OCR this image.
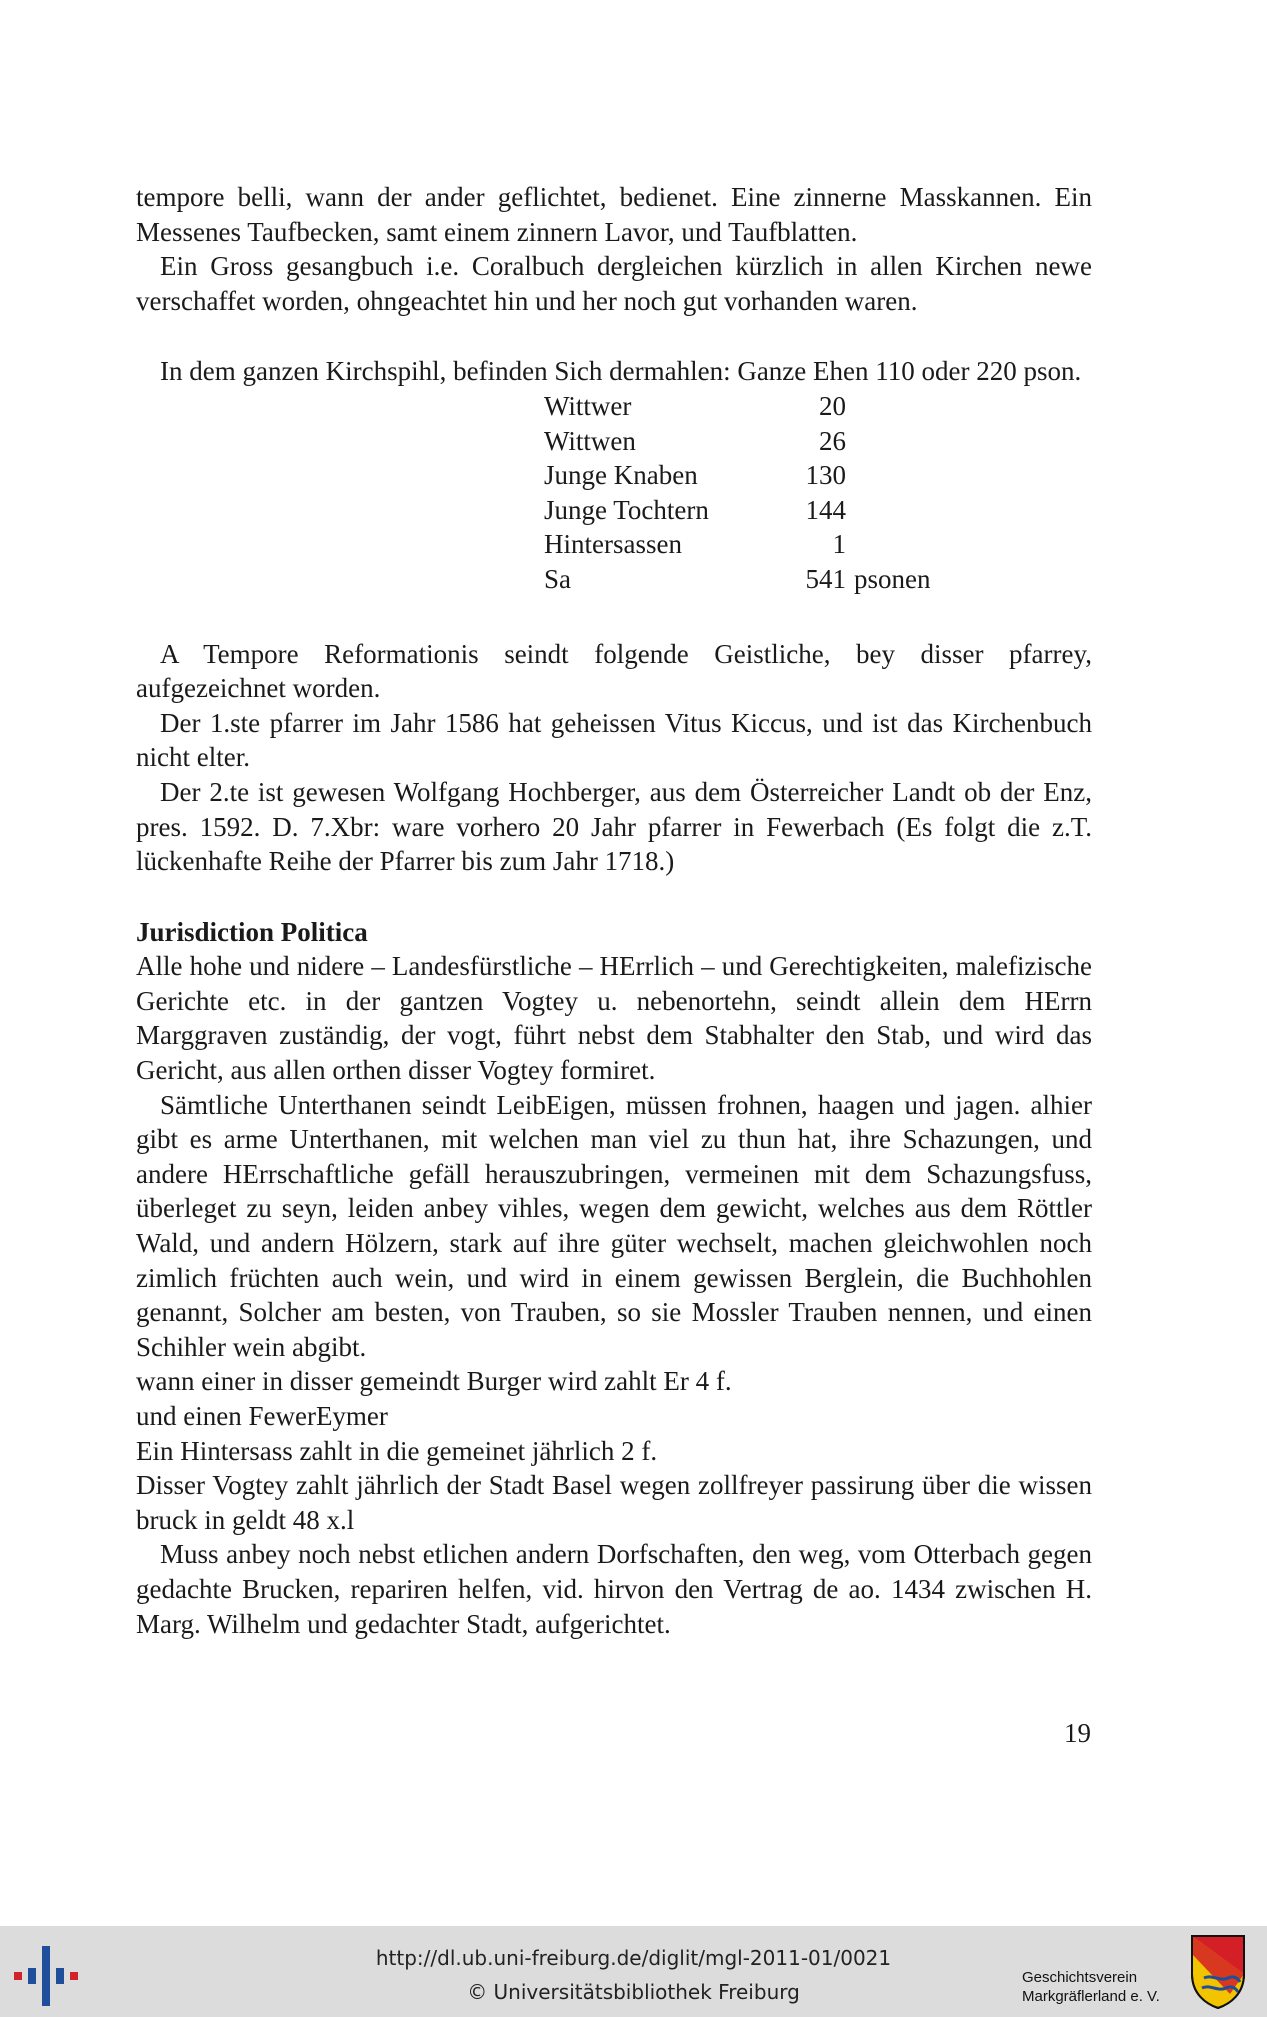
tempore belli, wann der ander geflichtet, bedienet. Eine zinnerne Masskannen. Ein Messenes Taufbecken, samt einem zinnern Lavor, und Taufblatten.

Ein Gross gesangbuch i.e. Coralbuch dergleichen kürzlich in allen Kirchen newe verschaffet worden, ohngeachtet hin und her noch gut vorhanden waren.

In dem ganzen Kirchspihl, befinden Sich dermahlen: Ganze Ehen 110 oder 220 pson.

Wittwer	20	
Wittwen	26	
Junge Knaben	130	
Junge Tochtern	144	
Hintersassen	1	
Sa	541	psonen

A Tempore Reformationis seindt folgende Geistliche, bey disser pfarrey, aufgezeichnet worden.

Der 1.ste pfarrer im Jahr 1586 hat geheissen Vitus Kiccus, und ist das Kirchenbuch nicht elter.

Der 2.te ist gewesen Wolfgang Hochberger, aus dem Österreicher Landt ob der Enz, pres. 1592. D. 7.Xbr: ware vorhero 20 Jahr pfarrer in Fewerbach (Es folgt die z.T. lückenhafte Reihe der Pfarrer bis zum Jahr 1718.)

Jurisdiction Politica

Alle hohe und nidere – Landesfürstliche – HErrlich – und Gerechtigkeiten, malefizische Gerichte etc. in der gantzen Vogtey u. nebenortehn, seindt allein dem HErrn Marggraven zuständig, der vogt, führt nebst dem Stabhalter den Stab, und wird das Gericht, aus allen orthen disser Vogtey formiret.

Sämtliche Unterthanen seindt LeibEigen, müssen frohnen, haagen und jagen. alhier gibt es arme Unterthanen, mit welchen man viel zu thun hat, ihre Schazungen, und andere HErrschaftliche gefäll herauszubringen, vermeinen mit dem Schazungsfuss, überleget zu seyn, leiden anbey vihles, wegen dem gewicht, welches aus dem Röttler Wald, und andern Hölzern, stark auf ihre güter wechselt, machen gleichwohlen noch zimlich früchten auch wein, und wird in einem gewissen Berglein, die Buchhohlen genannt, Solcher am besten, von Trauben, so sie Mossler Trauben nennen, und einen Schihler wein abgibt.

wann einer in disser gemeindt Burger wird zahlt Er 4 f.

und einen FewerEymer

Ein Hintersass zahlt in die gemeinet jährlich 2 f.

Disser Vogtey zahlt jährlich der Stadt Basel wegen zollfreyer passirung über die wissen bruck in geldt 48 x.l

Muss anbey noch nebst etlichen andern Dorfschaften, den weg, vom Otterbach gegen gedachte Brucken, repariren helfen, vid. hirvon den Vertrag de ao. 1434 zwischen H. Marg. Wilhelm und gedachter Stadt, aufgerichtet.

19
http://dl.ub.uni-freiburg.de/diglit/mgl-2011-01/0021
© Universitätsbibliothek Freiburg
Geschichtsverein
Markgräflerland e. V.
